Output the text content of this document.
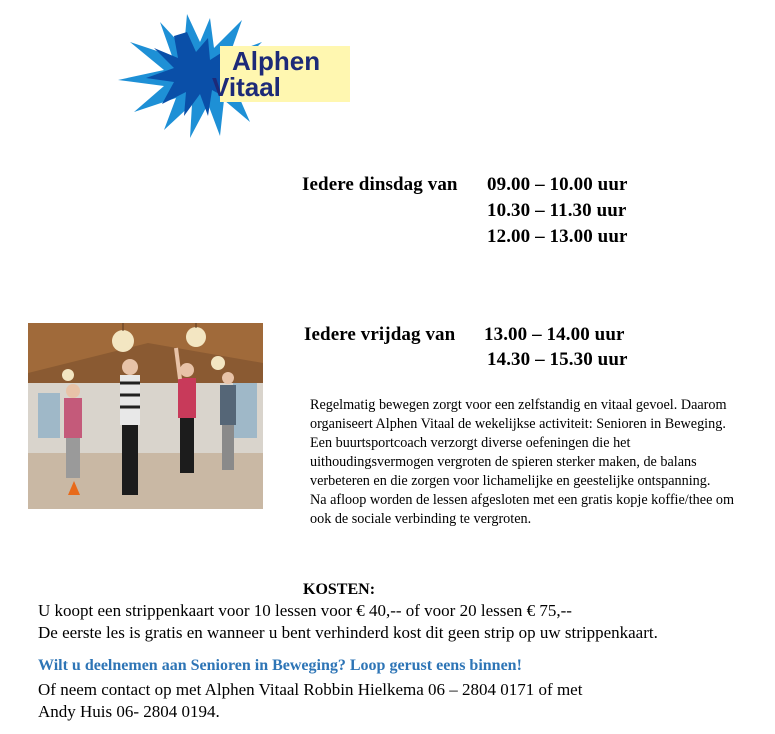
Alphen
Vitaal
Iedere dinsdag van 09.00 – 10.00 uur
10.30 – 11.30 uur
12.00 – 13.00 uur
Iedere vrijdag van 13.00 – 14.00 uur
14.30 – 15.30 uur

Regelmatig bewegen zorgt voor een zelfstandig en vitaal gevoel. Daarom organiseert Alphen Vitaal de wekelijkse activiteit: Senioren in Beweging. Een buurtsportcoach verzorgt diverse oefeningen die het uithoudingsvermogen vergroten de spieren sterker maken, de balans verbeteren en die zorgen voor lichamelijke en geestelijke ontspanning.

Na afloop worden de lessen afgesloten met een gratis kopje koffie/thee om ook de sociale verbinding te vergroten.

KOSTEN:
U koopt een strippenkaart voor 10 lessen voor € 40,-- of voor 20 lessen € 75,--
De eerste les is gratis en wanneer u bent verhinderd kost dit geen strip op uw strippenkaart.
Wilt u deelnemen aan Senioren in Beweging? Loop gerust eens binnen!
Of neem contact op met Alphen Vitaal Robbin Hielkema 06 – 2804 0171 of met
Andy Huis 06- 2804 0194.
